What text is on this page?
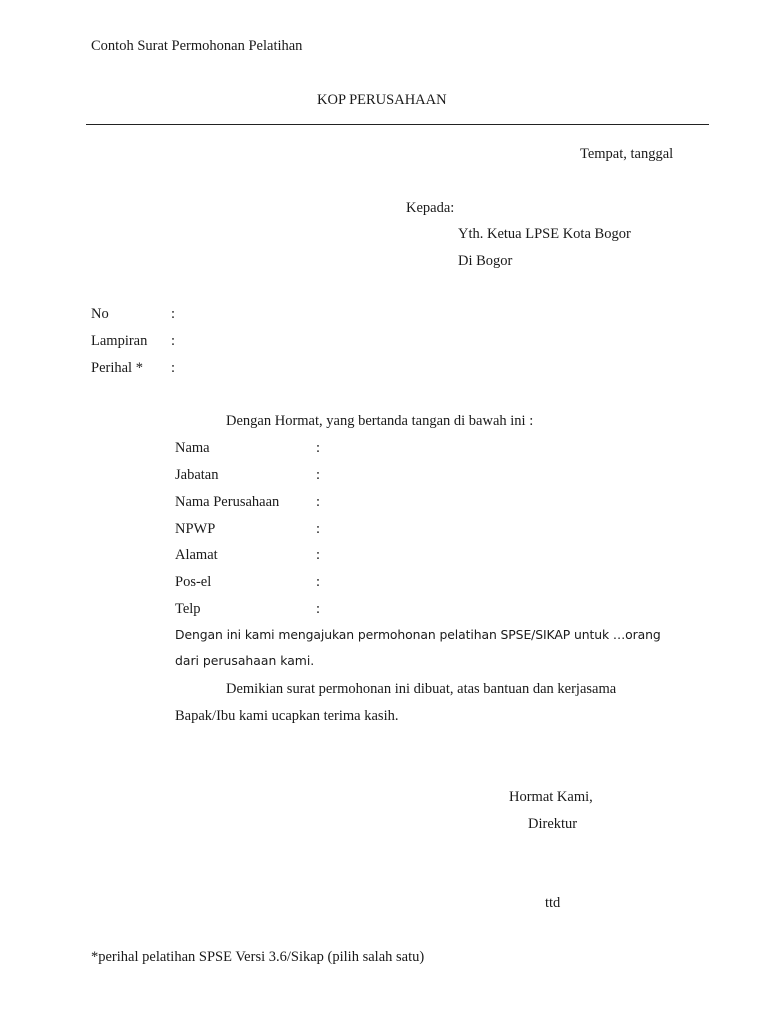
Contoh Surat Permohonan Pelatihan
KOP PERUSAHAAN
Tempat, tanggal
Kepada:
Yth. Ketua LPSE Kota Bogor
Di Bogor
No	:
Lampiran :
Perihal * :
Dengan Hormat, yang bertanda tangan di bawah ini :
Nama	:
Jabatan	:
Nama Perusahaan	:
NPWP	:
Alamat	:
Pos-el	:
Telp	:
Dengan ini kami mengajukan permohonan pelatihan SPSE/SIKAP untuk …orang
dari perusahaan kami.
Demikian surat permohonan ini dibuat, atas bantuan dan kerjasama
Bapak/Ibu kami ucapkan terima kasih.
Hormat Kami,
Direktur
ttd
*perihal pelatihan SPSE Versi 3.6/Sikap (pilih salah satu)
